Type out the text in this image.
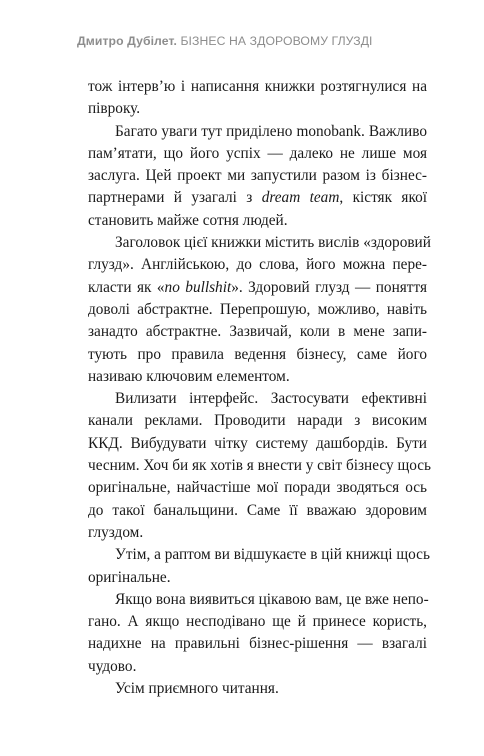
Дмитро Дубілет. БІЗНЕС НА ЗДОРОВОМУ ГЛУЗДІ
тож інтерв’ю і написання книжки розтягнулися на
півроку.
Багато уваги тут приділено monobank. Важливо
пам’ятати, що його успіх — далеко не лише моя
заслуга. Цей проект ми запустили разом із бізнес-
партнерами й узагалі з dream team, кістяк якої
становить майже сотня людей.
Заголовок цієї книжки містить вислів «здоровий
глузд». Англійською, до слова, його можна пере-
класти як «no bullshit». Здоровий глузд — поняття
доволі абстрактне. Перепрошую, можливо, навіть
занадто абстрактне. Зазвичай, коли в мене запи-
тують про правила ведення бізнесу, саме його
називаю ключовим елементом.
Вилизати інтерфейс. Застосувати ефективні
канали реклами. Проводити наради з високим
ККД. Вибудувати чітку систему дашбордів. Бути
чесним. Хоч би як хотів я внести у світ бізнесу щось
оригінальне, найчастіше мої поради зводяться ось
до такої банальщини. Саме її вважаю здоровим
глуздом.
Утім, а раптом ви відшукаєте в цій книжці щось
оригінальне.
Якщо вона виявиться цікавою вам, це вже непо-
гано. А якщо несподівано ще й принесе користь,
надихне на правильні бізнес-рішення — взагалі
чудово.
Усім приємного читання.
